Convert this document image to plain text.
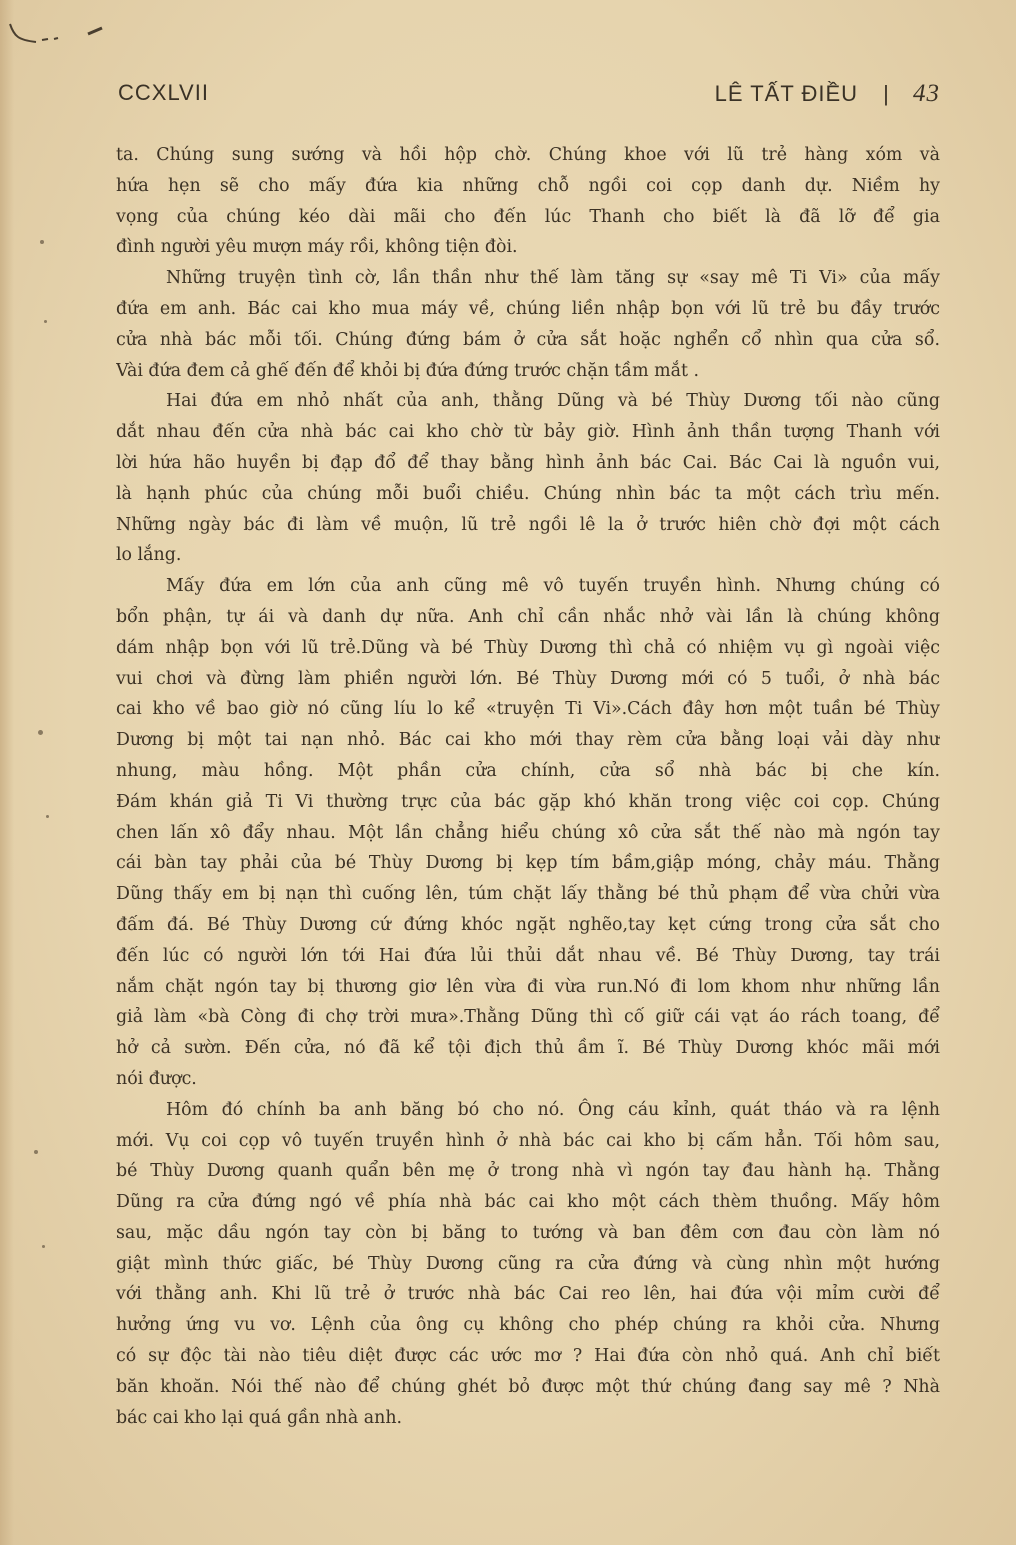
CCXLVII	LÊ TẤT ĐIỀU | 43
ta. Chúng sung sướng và hồi hộp chờ. Chúng khoe với lũ trẻ hàng xóm và
hứa hẹn sẽ cho mấy đứa kia những chỗ ngồi coi cọp danh dự. Niềm hy
vọng của chúng kéo dài mãi cho đến lúc Thanh cho biết là đã lỡ để gia
đình người yêu mượn máy rồi, không tiện đòi.
Những truyện tình cờ, lần thần như thế làm tăng sự «say mê Ti Vi» của mấy
đứa em anh. Bác cai kho mua máy về, chúng liền nhập bọn với lũ trẻ bu đầy trước
cửa nhà bác mỗi tối. Chúng đứng bám ở cửa sắt hoặc nghển cổ nhìn qua cửa sổ.
Vài đứa đem cả ghế đến để khỏi bị đứa đứng trước chặn tầm mắt .
Hai đứa em nhỏ nhất của anh, thằng Dũng và bé Thùy Dương tối nào cũng
dắt nhau đến cửa nhà bác cai kho chờ từ bảy giờ. Hình ảnh thần tượng Thanh với
lời hứa hão huyền bị đạp đổ để thay bằng hình ảnh bác Cai. Bác Cai là nguồn vui,
là hạnh phúc của chúng mỗi buổi chiều. Chúng nhìn bác ta một cách trìu mến.
Những ngày bác đi làm về muộn, lũ trẻ ngồi lê la ở trước hiên chờ đợi một cách
lo lắng.
Mấy đứa em lớn của anh cũng mê vô tuyến truyền hình. Nhưng chúng có
bổn phận, tự ái và danh dự nữa. Anh chỉ cần nhắc nhở vài lần là chúng không
dám nhập bọn với lũ trẻ.Dũng và bé Thùy Dương thì chả có nhiệm vụ gì ngoài việc
vui chơi và đừng làm phiền người lớn. Bé Thùy Dương mới có 5 tuổi, ở nhà bác
cai kho về bao giờ nó cũng líu lo kể «truyện Ti Vi».Cách đây hơn một tuần bé Thùy
Dương bị một tai nạn nhỏ. Bác cai kho mới thay rèm cửa bằng loại vải dày như
nhung, màu hồng. Một phần cửa chính, cửa sổ nhà bác bị che kín.
Đám khán giả Ti Vi thường trực của bác gặp khó khăn trong việc coi cọp. Chúng
chen lấn xô đẩy nhau. Một lần chẳng hiểu chúng xô cửa sắt thế nào mà ngón tay
cái bàn tay phải của bé Thùy Dương bị kẹp tím bầm,giập móng, chảy máu. Thằng
Dũng thấy em bị nạn thì cuống lên, túm chặt lấy thằng bé thủ phạm để vừa chửi vừa
đấm đá. Bé Thùy Dương cứ đứng khóc ngặt nghẽo,tay kẹt cứng trong cửa sắt cho
đến lúc có người lớn tới Hai đứa lủi thủi dắt nhau về. Bé Thùy Dương, tay trái
nắm chặt ngón tay bị thương giơ lên vừa đi vừa run.Nó đi lom khom như những lần
giả làm «bà Còng đi chợ trời mưa».Thằng Dũng thì cố giữ cái vạt áo rách toang, để
hở cả sườn. Đến cửa, nó đã kể tội địch thủ ầm ĩ. Bé Thùy Dương khóc mãi mới
nói được.
Hôm đó chính ba anh băng bó cho nó. Ông cáu kỉnh, quát tháo và ra lệnh
mới. Vụ coi cọp vô tuyến truyền hình ở nhà bác cai kho bị cấm hẳn. Tối hôm sau,
bé Thùy Dương quanh quẩn bên mẹ ở trong nhà vì ngón tay đau hành hạ. Thằng
Dũng ra cửa đứng ngó về phía nhà bác cai kho một cách thèm thuồng. Mấy hôm
sau, mặc dầu ngón tay còn bị băng to tướng và ban đêm cơn đau còn làm nó
giật mình thức giấc, bé Thùy Dương cũng ra cửa đứng và cùng nhìn một hướng
với thằng anh. Khi lũ trẻ ở trước nhà bác Cai reo lên, hai đứa vội mỉm cười để
hưởng ứng vu vơ. Lệnh của ông cụ không cho phép chúng ra khỏi cửa. Nhưng
có sự độc tài nào tiêu diệt được các ước mơ ? Hai đứa còn nhỏ quá. Anh chỉ biết
băn khoăn. Nói thế nào để chúng ghét bỏ được một thứ chúng đang say mê ? Nhà
bác cai kho lại quá gần nhà anh.
